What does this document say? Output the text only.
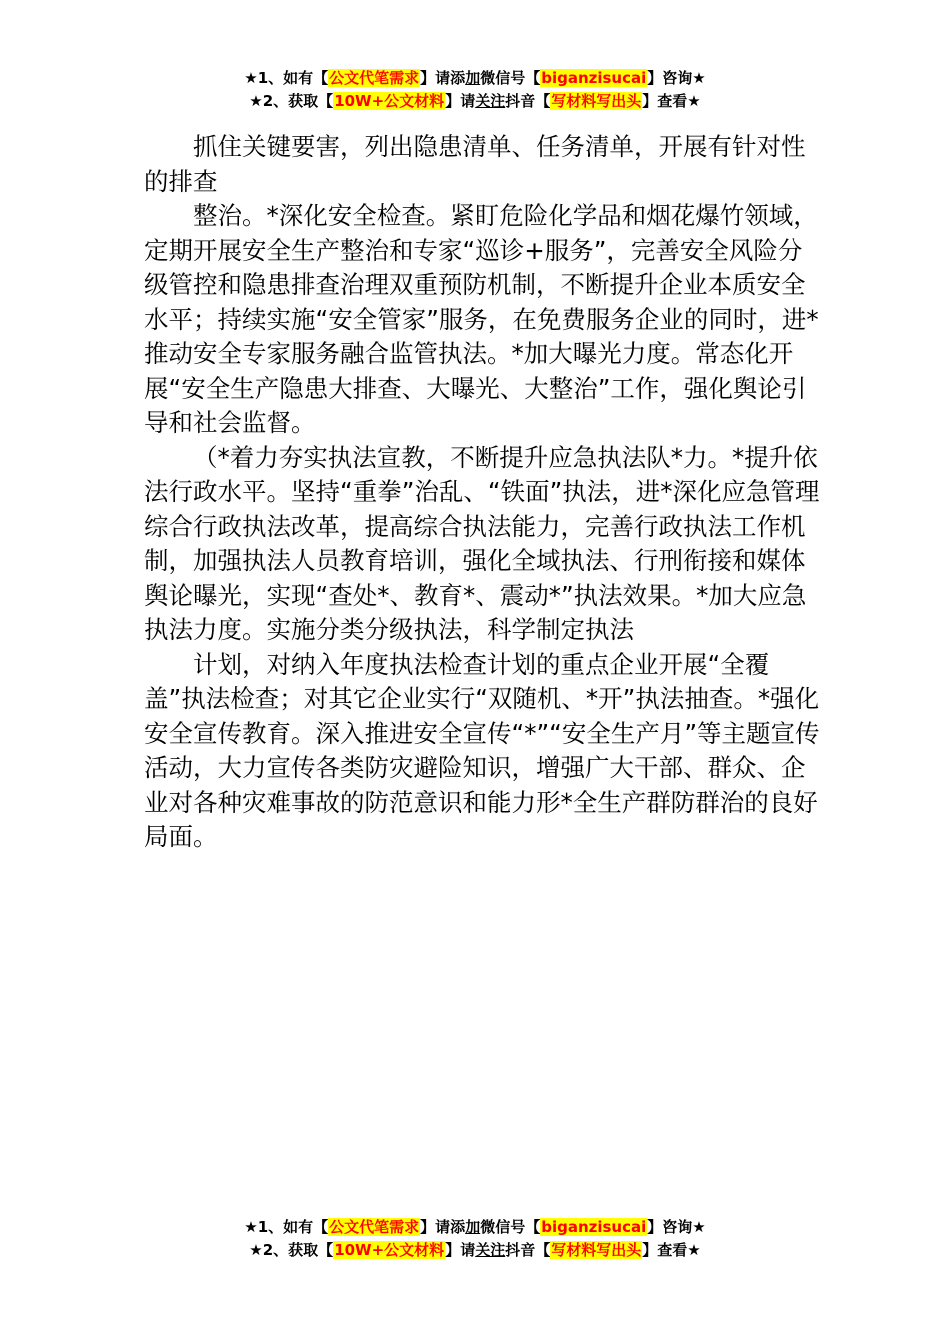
★1、如有【公文代笔需求】请添加微信号【biganzisucai】咨询★
★2、获取【10W+公文材料】请关注抖音【写材料写出头】查看★

抓住关键要害，列出隐患清单、任务清单，开展有针对性的排查

整治。*深化安全检查。紧盯危险化学品和烟花爆竹领域，定期开展安全生产整治和专家“巡诊+服务”，完善安全风险分级管控和隐患排查治理双重预防机制，不断提升企业本质安全水平；持续实施“安全管家”服务，在免费服务企业的同时，进*推动安全专家服务融合监管执法。*加大曝光力度。常态化开展“安全生产隐患大排查、大曝光、大整治”工作，强化舆论引导和社会监督。

（*着力夯实执法宣教，不断提升应急执法队*力。*提升依法行政水平。坚持“重拳”治乱、“铁面”执法，进*深化应急管理综合行政执法改革，提高综合执法能力，完善行政执法工作机制，加强执法人员教育培训，强化全域执法、行刑衔接和媒体舆论曝光，实现“查处*、教育*、震动*”执法效果。*加大应急执法力度。实施分类分级执法，科学制定执法

计划，对纳入年度执法检查计划的重点企业开展“全覆盖”执法检查；对其它企业实行“双随机、*开”执法抽查。*强化安全宣传教育。深入推进安全宣传“*”“安全生产月”等主题宣传活动，大力宣传各类防灾避险知识，增强广大干部、群众、企业对各种灾难事故的防范意识和能力形*全生产群防群治的良好局面。

★1、如有【公文代笔需求】请添加微信号【biganzisucai】咨询★
★2、获取【10W+公文材料】请关注抖音【写材料写出头】查看★
